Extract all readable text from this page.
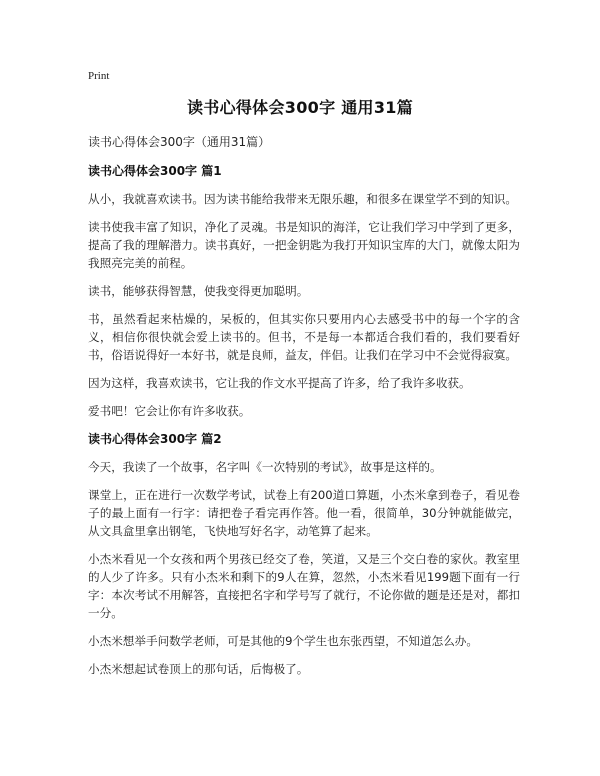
Print
读书心得体会300字 通用31篇

读书心得体会300字（通用31篇）

读书心得体会300字 篇1

从小，我就喜欢读书。因为读书能给我带来无限乐趣，和很多在课堂学不到的知识。

读书使我丰富了知识，净化了灵魂。书是知识的海洋，它让我们学习中学到了更多，提高了我的理解潜力。读书真好，一把金钥匙为我打开知识宝库的大门，就像太阳为我照亮完美的前程。

读书，能够获得智慧，使我变得更加聪明。

书，虽然看起来枯燥的，呆板的，但其实你只要用内心去感受书中的每一个字的含义，相信你很快就会爱上读书的。但书，不是每一本都适合我们看的，我们要看好书，俗语说得好一本好书，就是良师，益友，伴侣。让我们在学习中不会觉得寂寞。

因为这样，我喜欢读书，它让我的作文水平提高了许多，给了我许多收获。

爱书吧！它会让你有许多收获。

读书心得体会300字 篇2

今天，我读了一个故事，名字叫《一次特别的考试》，故事是这样的。

课堂上，正在进行一次数学考试，试卷上有200道口算题，小杰米拿到卷子，看见卷子的最上面有一行字：请把卷子看完再作答。他一看，很简单，30分钟就能做完，从文具盒里拿出钢笔，飞快地写好名字，动笔算了起来。

小杰米看见一个女孩和两个男孩已经交了卷，笑道，又是三个交白卷的家伙。教室里的人少了许多。只有小杰米和剩下的9人在算，忽然，小杰米看见199题下面有一行字：本次考试不用解答，直接把名字和学号写了就行，不论你做的题是还是对，都扣一分。

小杰米想举手问数学老师，可是其他的9个学生也东张西望，不知道怎么办。

小杰米想起试卷顶上的那句话，后悔极了。
